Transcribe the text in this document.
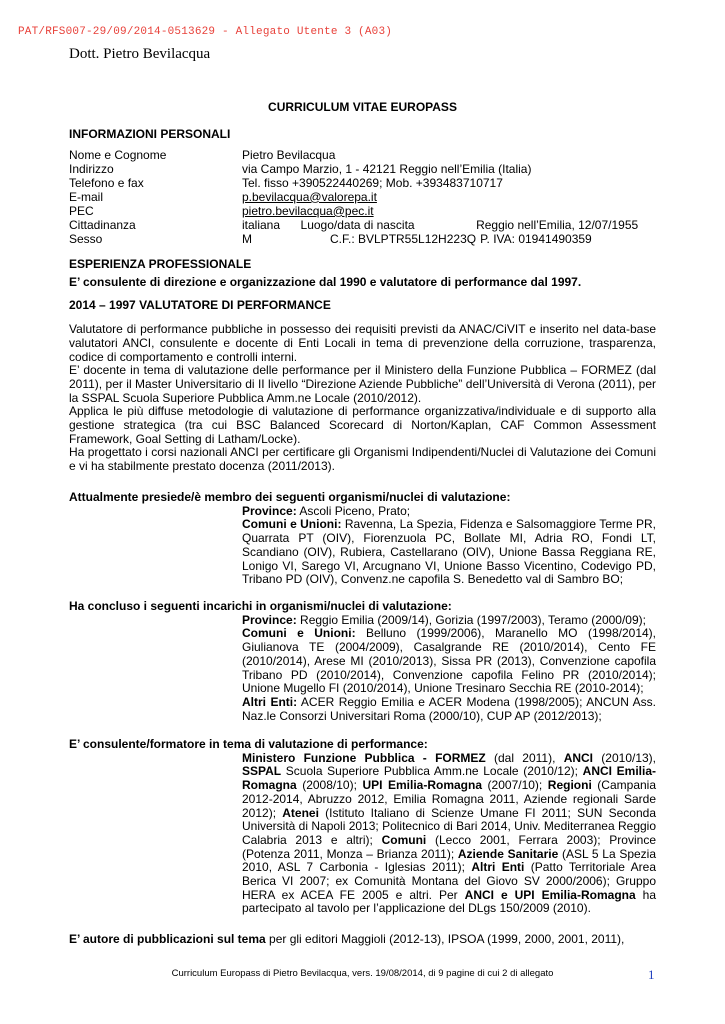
PAT/RFS007-29/09/2014-0513629 - Allegato Utente 3 (A03)
Dott. Pietro Bevilacqua
CURRICULUM VITAE EUROPASS
INFORMAZIONI PERSONALI
Nome e Cognome	Pietro Bevilacqua		
Indirizzo	via Campo Marzio, 1 - 42121 Reggio nell’Emilia (Italia)		
Telefono e fax	Tel. fisso +390522440269; Mob. +393483710717		
E-mail	p.bevilacqua@valorepa.it		
PEC	pietro.bevilacqua@pec.it		
Cittadinanza	italiana	Luogo/data di nascita	Reggio nell’Emilia, 12/07/1955
Sesso	M C.F.: BVLPTR55L12H223Q		P. IVA: 01941490359
ESPERIENZA PROFESSIONALE
E’ consulente di direzione e organizzazione dal 1990 e valutatore di performance dal 1997.
2014 – 1997 VALUTATORE DI PERFORMANCE

Valutatore di performance pubbliche in possesso dei requisiti previsti da ANAC/CiVIT e inserito nel data-base valutatori ANCI, consulente e docente di Enti Locali in tema di prevenzione della corruzione, trasparenza, codice di comportamento e controlli interni.

E’ docente in tema di valutazione delle performance per il Ministero della Funzione Pubblica – FORMEZ (dal 2011), per il Master Universitario di II livello “Direzione Aziende Pubbliche” dell’Università di Verona (2011), per la SSPAL Scuola Superiore Pubblica Amm.ne Locale (2010/2012).

Applica le più diffuse metodologie di valutazione di performance organizzativa/individuale e di supporto alla gestione strategica (tra cui BSC Balanced Scorecard di Norton/Kaplan, CAF Common Assessment Framework, Goal Setting di Latham/Locke).

Ha progettato i corsi nazionali ANCI per certificare gli Organismi Indipendenti/Nuclei di Valutazione dei Comuni e vi ha stabilmente prestato docenza (2011/2013).

Attualmente presiede/è membro dei seguenti organismi/nuclei di valutazione:

Province: Ascoli Piceno, Prato;

Comuni e Unioni: Ravenna, La Spezia, Fidenza e Salsomaggiore Terme PR, Quarrata PT (OIV), Fiorenzuola PC, Bollate MI, Adria RO, Fondi LT, Scandiano (OIV), Rubiera, Castellarano (OIV), Unione Bassa Reggiana RE, Lonigo VI, Sarego VI, Arcugnano VI, Unione Basso Vicentino, Codevigo PD, Tribano PD (OIV), Convenz.ne capofila S. Benedetto val di Sambro BO;

Ha concluso i seguenti incarichi in organismi/nuclei di valutazione:

Province: Reggio Emilia (2009/14), Gorizia (1997/2003), Teramo (2000/09);

Comuni e Unioni: Belluno (1999/2006), Maranello MO (1998/2014), Giulianova TE (2004/2009), Casalgrande RE (2010/2014), Cento FE (2010/2014), Arese MI (2010/2013), Sissa PR (2013), Convenzione capofila Tribano PD (2010/2014), Convenzione capofila Felino PR (2010/2014); Unione Mugello FI (2010/2014), Unione Tresinaro Secchia RE (2010-2014);

Altri Enti: ACER Reggio Emilia e ACER Modena (1998/2005); ANCUN Ass. Naz.le Consorzi Universitari Roma (2000/10), CUP AP (2012/2013);

E’ consulente/formatore in tema di valutazione di performance:

Ministero Funzione Pubblica - FORMEZ (dal 2011), ANCI (2010/13), SSPAL Scuola Superiore Pubblica Amm.ne Locale (2010/12); ANCI Emilia-Romagna (2008/10); UPI Emilia-Romagna (2007/10); Regioni (Campania 2012-2014, Abruzzo 2012, Emilia Romagna 2011, Aziende regionali Sarde 2012); Atenei (Istituto Italiano di Scienze Umane FI 2011; SUN Seconda Università di Napoli 2013; Politecnico di Bari 2014, Univ. Mediterranea Reggio Calabria 2013 e altri); Comuni (Lecco 2001, Ferrara 2003); Province (Potenza 2011, Monza – Brianza 2011); Aziende Sanitarie (ASL 5 La Spezia 2010, ASL 7 Carbonia - Iglesias 2011); Altri Enti (Patto Territoriale Area Berica VI 2007; ex Comunità Montana del Giovo SV 2000/2006); Gruppo HERA ex ACEA FE 2005 e altri. Per ANCI e UPI Emilia-Romagna ha partecipato al tavolo per l’applicazione del DLgs 150/2009 (2010).

E’ autore di pubblicazioni sul tema per gli editori Maggioli (2012-13), IPSOA (1999, 2000, 2001, 2011),
Curriculum Europass di Pietro Bevilacqua, vers. 19/08/2014, di 9 pagine di cui 2 di allegato	1
